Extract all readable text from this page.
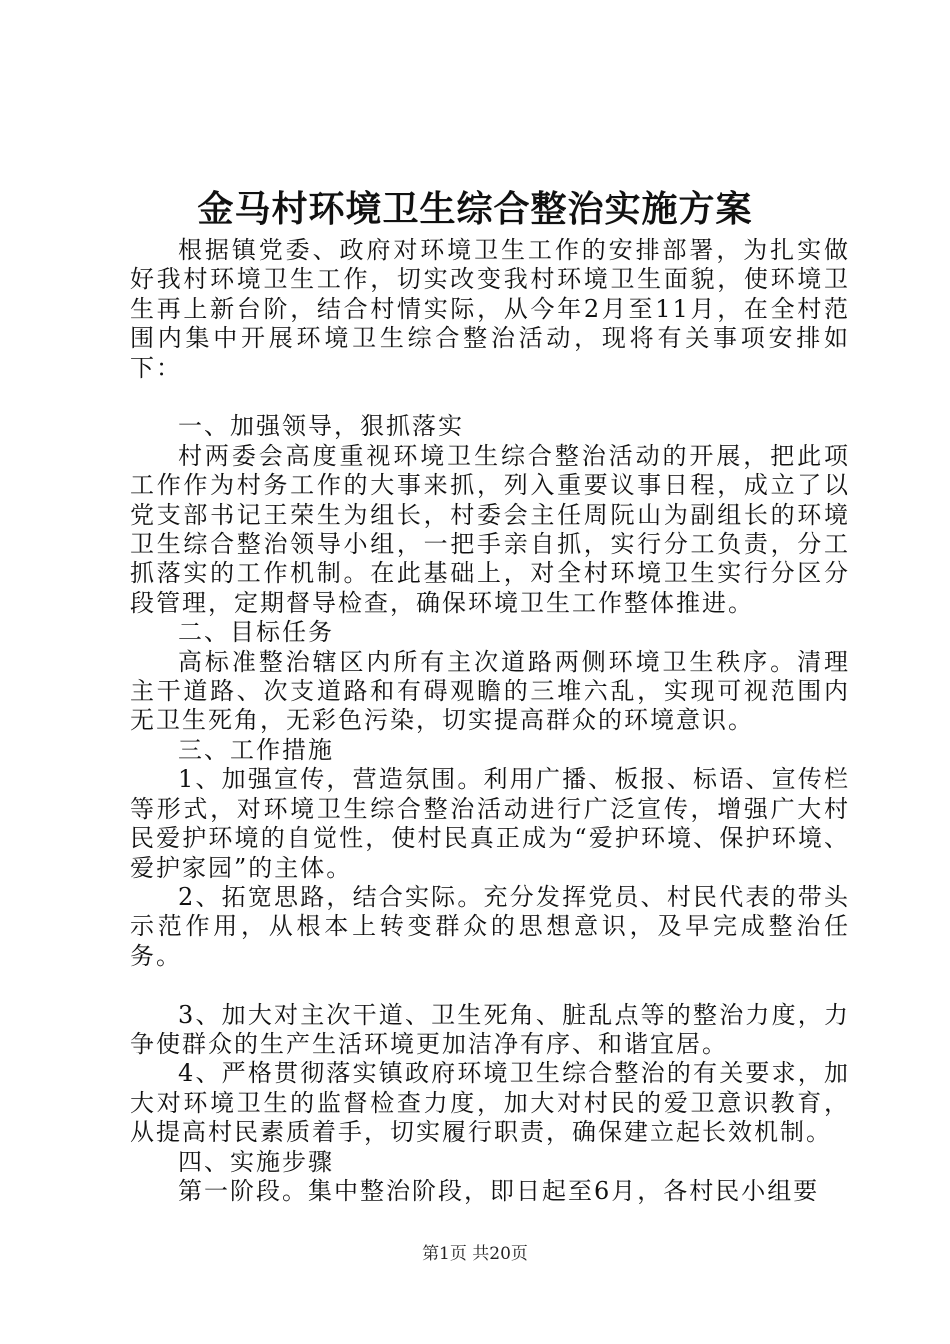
金马村环境卫生综合整治实施方案

根据镇党委、政府对环境卫生工作的安排部署，为扎实做好我村环境卫生工作，切实改变我村环境卫生面貌，使环境卫生再上新台阶，结合村情实际，从今年2月至11月，在全村范围内集中开展环境卫生综合整治活动，现将有关事项安排如下：

一、加强领导，狠抓落实

村两委会高度重视环境卫生综合整治活动的开展，把此项工作作为村务工作的大事来抓，列入重要议事日程，成立了以党支部书记王荣生为组长，村委会主任周阮山为副组长的环境卫生综合整治领导小组，一把手亲自抓，实行分工负责，分工抓落实的工作机制。在此基础上，对全村环境卫生实行分区分段管理，定期督导检查，确保环境卫生工作整体推进。

二、目标任务

高标准整治辖区内所有主次道路两侧环境卫生秩序。清理主干道路、次支道路和有碍观瞻的三堆六乱，实现可视范围内无卫生死角，无彩色污染，切实提高群众的环境意识。

三、工作措施

1、加强宣传，营造氛围。利用广播、板报、标语、宣传栏等形式，对环境卫生综合整治活动进行广泛宣传，增强广大村民爱护环境的自觉性，使村民真正成为“爱护环境、保护环境、爱护家园”的主体。

2、拓宽思路，结合实际。充分发挥党员、村民代表的带头示范作用，从根本上转变群众的思想意识，及早完成整治任务。

3、加大对主次干道、卫生死角、脏乱点等的整治力度，力争使群众的生产生活环境更加洁净有序、和谐宜居。

4、严格贯彻落实镇政府环境卫生综合整治的有关要求，加大对环境卫生的监督检查力度，加大对村民的爱卫意识教育，从提高村民素质着手，切实履行职责，确保建立起长效机制。

四、实施步骤

第一阶段。集中整治阶段，即日起至6月，各村民小组要

第1页 共20页
